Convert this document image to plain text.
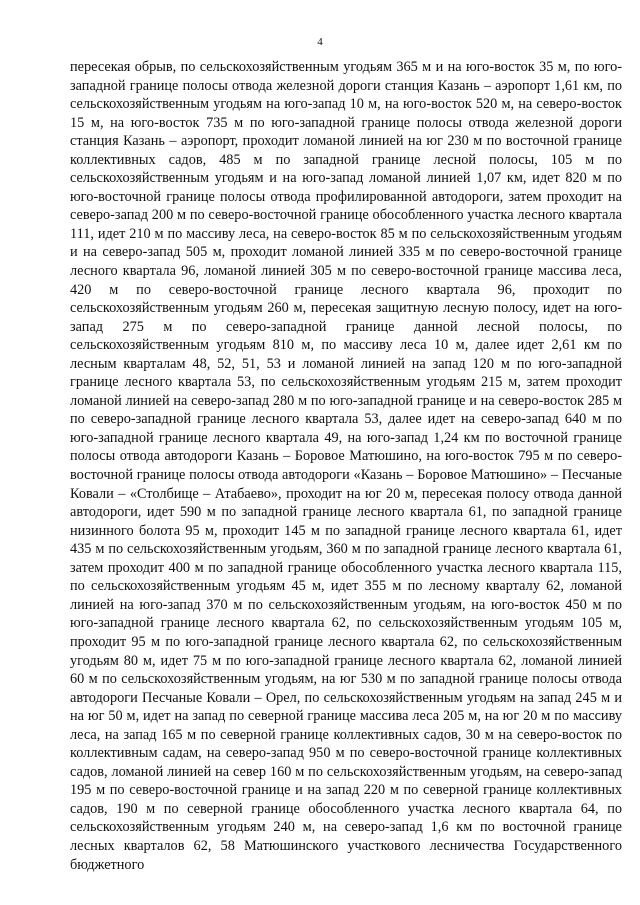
4

пересекая обрыв, по сельскохозяйственным угодьям 365 м и на юго-восток 35 м, по юго-западной границе полосы отвода железной дороги станция Казань – аэропорт 1,61 км, по сельскохозяйственным угодьям на юго-запад 10 м, на юго-восток 520 м, на северо-восток 15 м, на юго-восток 735 м по юго-западной границе полосы отвода железной дороги станция Казань – аэропорт, проходит ломаной линией на юг 230 м по восточной границе коллективных садов, 485 м по западной границе лесной полосы, 105 м по сельскохозяйственным угодьям и на юго-запад ломаной линией 1,07 км, идет 820 м по юго-восточной границе полосы отвода профилированной автодороги, затем проходит на северо-запад 200 м по северо-восточной границе обособленного участка лесного квартала 111, идет 210 м по массиву леса, на северо-восток 85 м по сельскохозяйственным угодьям и на северо-запад 505 м, проходит ломаной линией 335 м по северо-восточной границе лесного квартала 96, ломаной линией 305 м по северо-восточной границе массива леса, 420 м по северо-восточной границе лесного квартала 96, проходит по сельскохозяйственным угодьям 260 м, пересекая защитную лесную полосу, идет на юго-запад 275 м по северо-западной границе данной лесной полосы, по сельскохозяйственным угодьям 810 м, по массиву леса 10 м, далее идет 2,61 км по лесным кварталам 48, 52, 51, 53 и ломаной линией на запад 120 м по юго-западной границе лесного квартала 53, по сельскохозяйственным угодьям 215 м, затем проходит ломаной линией на северо-запад 280 м по юго-западной границе и на северо-восток 285 м по северо-западной границе лесного квартала 53, далее идет на северо-запад 640 м по юго-западной границе лесного квартала 49, на юго-запад 1,24 км по восточной границе полосы отвода автодороги Казань – Боровое Матюшино, на юго-восток 795 м по северо-восточной границе полосы отвода автодороги «Казань – Боровое Матюшино» – Песчаные Ковали – «Столбище – Атабаево», проходит на юг 20 м, пересекая полосу отвода данной автодороги, идет 590 м по западной границе лесного квартала 61, по западной границе низинного болота 95 м, проходит 145 м по западной границе лесного квартала 61, идет 435 м по сельскохозяйственным угодьям, 360 м по западной границе лесного квартала 61, затем проходит 400 м по западной границе обособленного участка лесного квартала 115, по сельскохозяйственным угодьям 45 м, идет 355 м по лесному кварталу 62, ломаной линией на юго-запад 370 м по сельскохозяйственным угодьям, на юго-восток 450 м по юго-западной границе лесного квартала 62, по сельскохозяйственным угодьям 105 м, проходит 95 м по юго-западной границе лесного квартала 62, по сельскохозяйственным угодьям 80 м, идет 75 м по юго-западной границе лесного квартала 62, ломаной линией 60 м по сельскохозяйственным угодьям, на юг 530 м по западной границе полосы отвода автодороги Песчаные Ковали – Орел, по сельскохозяйственным угодьям на запад 245 м и на юг 50 м, идет на запад по северной границе массива леса 205 м, на юг 20 м по массиву леса, на запад 165 м по северной границе коллективных садов, 30 м на северо-восток по коллективным садам, на северо-запад 950 м по северо-восточной границе коллективных садов, ломаной линией на север 160 м по сельскохозяйственным угодьям, на северо-запад 195 м по северо-восточной границе и на запад 220 м по северной границе коллективных садов, 190 м по северной границе обособленного участка лесного квартала 64, по сельскохозяйственным угодьям 240 м, на северо-запад 1,6 км по восточной границе лесных кварталов 62, 58 Матюшинского участкового лесничества Государственного бюджетного
